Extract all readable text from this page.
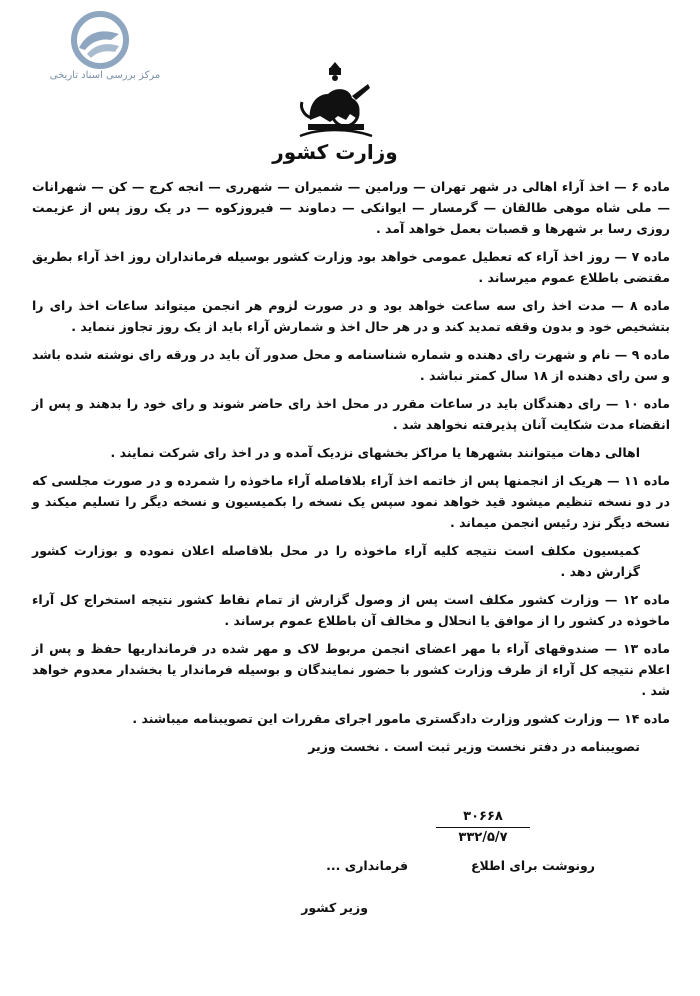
مرکز بررسی اسناد تاریخی
وزارت کشور

ماده ۶ — اخذ آراء اهالی در شهر تهران — ورامین — شمیران — شهرری — انجه کرج — کن — شهرانات — ملی شاه موهی طالقان — گرمسار — ایوانکی — دماوند — فیروزکوه — در یک روز پس از عزیمت روزی رسا بر شهرها و قصبات بعمل خواهد آمد .

ماده ۷ — روز اخذ آراء که تعطیل عمومی خواهد بود وزارت کشور بوسیله فرمانداران روز اخذ آراء بطریق مقتضی باطلاع عموم میرساند .

ماده ۸ — مدت اخذ رای سه ساعت خواهد بود و در صورت لزوم هر انجمن میتواند ساعات اخذ رای را بتشخیص خود و بدون وقفه تمدید کند و در هر حال اخذ و شمارش آراء باید از یک روز تجاوز ننماید .

ماده ۹ — نام و شهرت رای دهنده و شماره شناسنامه و محل صدور آن باید در ورقه رای نوشته شده باشد و سن رای دهنده از ۱۸ سال کمتر نباشد .

ماده ۱۰ — رای دهندگان باید در ساعات مقرر در محل اخذ رای حاضر شوند و رای خود را بدهند و پس از انقضاء مدت شکایت آنان پذیرفته نخواهد شد .

اهالی دهات میتوانند بشهرها یا مراکز بخشهای نزدیک آمده و در اخذ رای شرکت نمایند .

ماده ۱۱ — هریک از انجمنها پس از خاتمه اخذ آراء بلافاصله آراء ماخوذه را شمرده و در صورت مجلسی که در دو نسخه تنظیم میشود قید خواهد نمود سپس یک نسخه را بکمیسیون و نسخه دیگر را تسلیم میکند و نسخه دیگر نزد رئیس انجمن میماند .

کمیسیون مکلف است نتیجه کلیه آراء ماخوذه را در محل بلافاصله اعلان نموده و بوزارت کشور گزارش دهد .

ماده ۱۲ — وزارت کشور مکلف است پس از وصول گزارش از تمام نقاط کشور نتیجه استخراج کل آراء ماخوذه در کشور را از موافق یا انحلال و مخالف آن باطلاع عموم برساند .

ماده ۱۳ — صندوقهای آراء با مهر اعضای انجمن مربوط لاک و مهر شده در فرمانداریها حفظ و پس از اعلام نتیجه کل آراء از طرف وزارت کشور با حضور نمایندگان و بوسیله فرماندار یا بخشدار معدوم خواهد شد .

ماده ۱۴ — وزارت کشور وزارت دادگستری مامور اجرای مقررات این تصویبنامه میباشند .

تصویبنامه در دفتر نخست وزیر ثبت است . نخست وزیر

۳۰۶۶۸
۳۳۲/۵/۷
رونوشت برای اطلاع
فرمانداری ...
وزیر کشور
